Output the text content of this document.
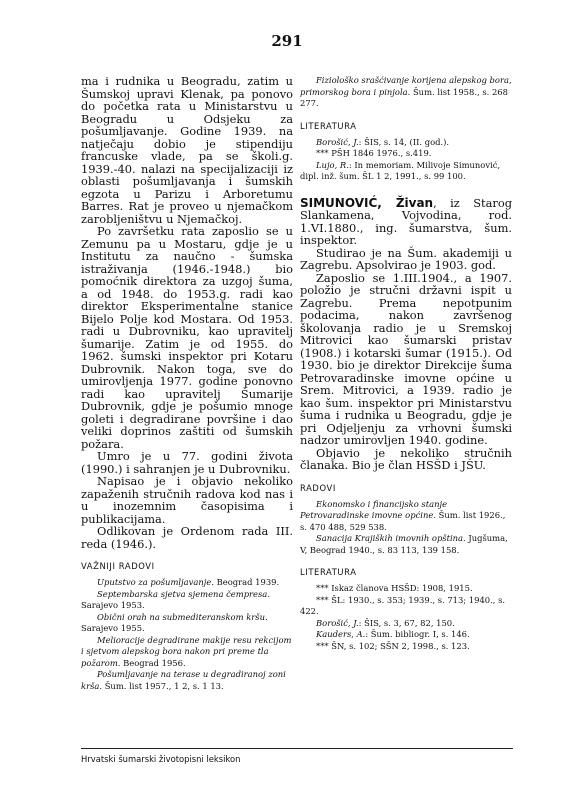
291

ma i rudnika u Beogradu, zatim u Šumskoj upravi Klenak, pa ponovo do početka rata u Ministarstvu u Beogradu u Odsjeku za pošumljavanje. Godine 1939. na natječaju dobio je stipendiju francuske vlade, pa se školi.g. 1939.-40. nalazi na specijalizaciji iz oblasti pošumljavanja i šumskih egzota u Parizu i Arboretumu Barres. Rat je proveo u njemačkom zarobljeništvu u Njemačkoj.

Po završetku rata zaposlio se u Zemunu pa u Mostaru, gdje je u Institutu za naučno - šumska istraživanja (1946.-1948.) bio pomoćnik direktora za uzgoj šuma, a od 1948. do 1953.g. radi kao direktor Eksperimentalne stanice Bijelo Polje kod Mostara. Od 1953. radi u Dubrovniku, kao upravitelj šumarije. Zatim je od 1955. do 1962. šumski inspektor pri Kotaru Dubrovnik. Nakon toga, sve do umirovljenja 1977. godine ponovno radi kao upravitelj Šumarije Dubrovnik, gdje je pošumio mnoge goleti i degradirane površine i dao veliki doprinos zaštiti od šumskih požara.

Umro je u 77. godini života (1990.) i sahranjen je u Dubrovniku.

Napisao je i objavio nekoliko zapaženih stručnih radova kod nas i u inozemnim časopisima i publikacijama.

Odlikovan je Ordenom rada III. reda (1946.).

VAŽNIJI RADOVI

Uputstvo za pošumljavanje. Beograd 1939.

Septembarska sjetva sjemena čempresa. Sarajevo 1953.

Obični orah na submediteranskom kršu. Sarajevo 1955.

Melioracije degradirane makije resu rekcijom i sjetvom alepskog bora nakon pri preme tla požarom. Beograd 1956.

Pošumljavanje na terase u degradiranoj zoni krša. Šum. list 1957., 1 2, s. 1 13.

Fiziološko srašćivanje korijena alepskog bora, primorskog bora i pinjola. Šum. list 1958., s. 268 277.

LITERATURA

Borošić, J.: ŠIS, s. 14, (II. god.).

*** PŠH 1846 1976., s.419.

Lujo, R.: In memoriam. Milivoje Simunović, dipl. inž. šum. ŠL 1 2, 1991., s. 99 100.

SIMUNOVIĆ, Živan, iz Starog Slankamena, Vojvodina, rod. 1.VI.1880., ing. šumarstva, šum. inspektor.

Studirao je na Šum. akademiji u Zagrebu. Apsolvirao je 1903. god.

Zaposlio se 1.III.1904., a 1907. položio je stručni državni ispit u Zagrebu. Prema nepotpunim podacima, nakon završenog školovanja radio je u Sremskoj Mitrovici kao šumarski pristav (1908.) i kotarski šumar (1915.). Od 1930. bio je direktor Direkcije šuma Petrovaradinske imovne općine u Srem. Mitrovici, a 1939. radio je kao šum. inspektor pri Ministarstvu šuma i rudnika u Beogradu, gdje je pri Odjeljenju za vrhovni šumski nadzor umirovljen 1940. godine.

Objavio je nekoliko stručnih članaka. Bio je član HSŠD i JŠU.

RADOVI

Ekonomsko i financijsko stanje Petrovaradinske imovne općine. Šum. list 1926., s. 470 488, 529 538.

Sanacija Krajiških imovnih opština. Jugšuma, V, Beograd 1940., s. 83 113, 139 158.

LITERATURA

*** Iskaz članova HSŠD: 1908, 1915.

*** ŠL: 1930., s. 353; 1939., s. 713; 1940., s. 422.

Borošić, J.: ŠIS, s. 3, 67, 82, 150.

Kauders, A.: Šum. bibliogr. I, s. 146.

*** ŠN, s. 102; SŠN 2, 1998., s. 123.

Hrvatski šumarski životopisni leksikon
